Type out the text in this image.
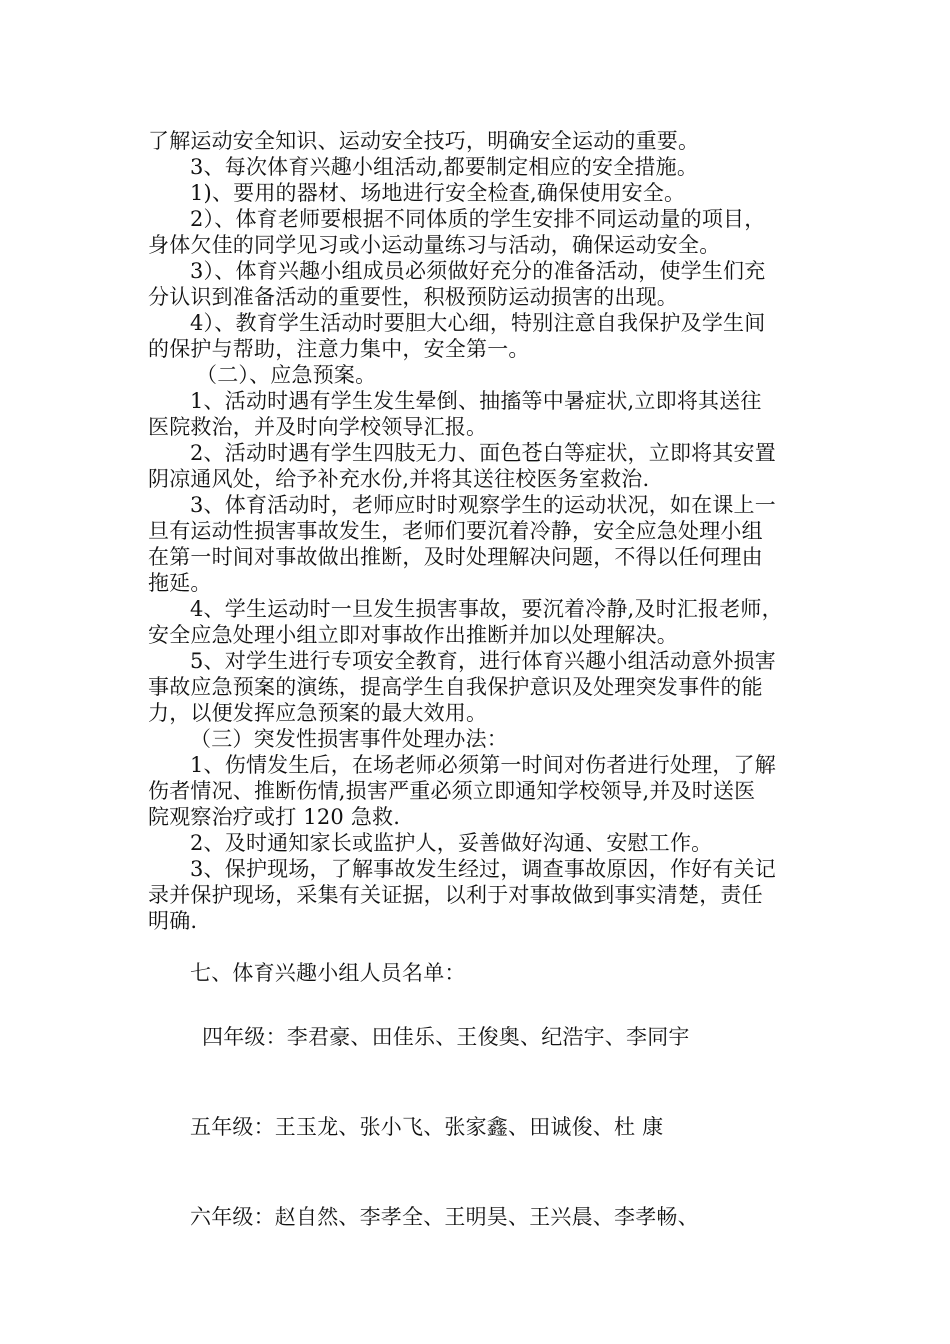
了解运动安全知识、运动安全技巧，明确安全运动的重要。
3、每次体育兴趣小组活动,都要制定相应的安全措施。
1)、要用的器材、场地进行安全检查,确保使用安全。
2）、体育老师要根据不同体质的学生安排不同运动量的项目，
身体欠佳的同学见习或小运动量练习与活动，确保运动安全。
3）、体育兴趣小组成员必须做好充分的准备活动，使学生们充
分认识到准备活动的重要性，积极预防运动损害的出现。
4）、教育学生活动时要胆大心细，特别注意自我保护及学生间
的保护与帮助，注意力集中，安全第一。
（二）、应急预案。
1、活动时遇有学生发生晕倒、抽搐等中暑症状,立即将其送往
医院救治，并及时向学校领导汇报。
2、活动时遇有学生四肢无力、面色苍白等症状，立即将其安置
阴凉通风处，给予补充水份,并将其送往校医务室救治.
3、体育活动时，老师应时时观察学生的运动状况，如在课上一
旦有运动性损害事故发生，老师们要沉着冷静，安全应急处理小组
在第一时间对事故做出推断，及时处理解决问题，不得以任何理由
拖延。
4、学生运动时一旦发生损害事故，要沉着冷静,及时汇报老师，
安全应急处理小组立即对事故作出推断并加以处理解决。
5、对学生进行专项安全教育，进行体育兴趣小组活动意外损害
事故应急预案的演练，提高学生自我保护意识及处理突发事件的能
力，以便发挥应急预案的最大效用。
（三）突发性损害事件处理办法：
1、伤情发生后，在场老师必须第一时间对伤者进行处理，了解
伤者情况、推断伤情,损害严重必须立即通知学校领导,并及时送医
院观察治疗或打 120 急救.
2、及时通知家长或监护人，妥善做好沟通、安慰工作。
3、保护现场，了解事故发生经过，调查事故原因，作好有关记
录并保护现场，采集有关证据，以利于对事故做到事实清楚，责任
明确.
七、体育兴趣小组人员名单：
四年级：李君豪、田佳乐、王俊奥、纪浩宇、李同宇
五年级：王玉龙、张小飞、张家鑫、田诚俊、杜 康
六年级：赵自然、李孝全、王明昊、王兴晨、李孝畅、
